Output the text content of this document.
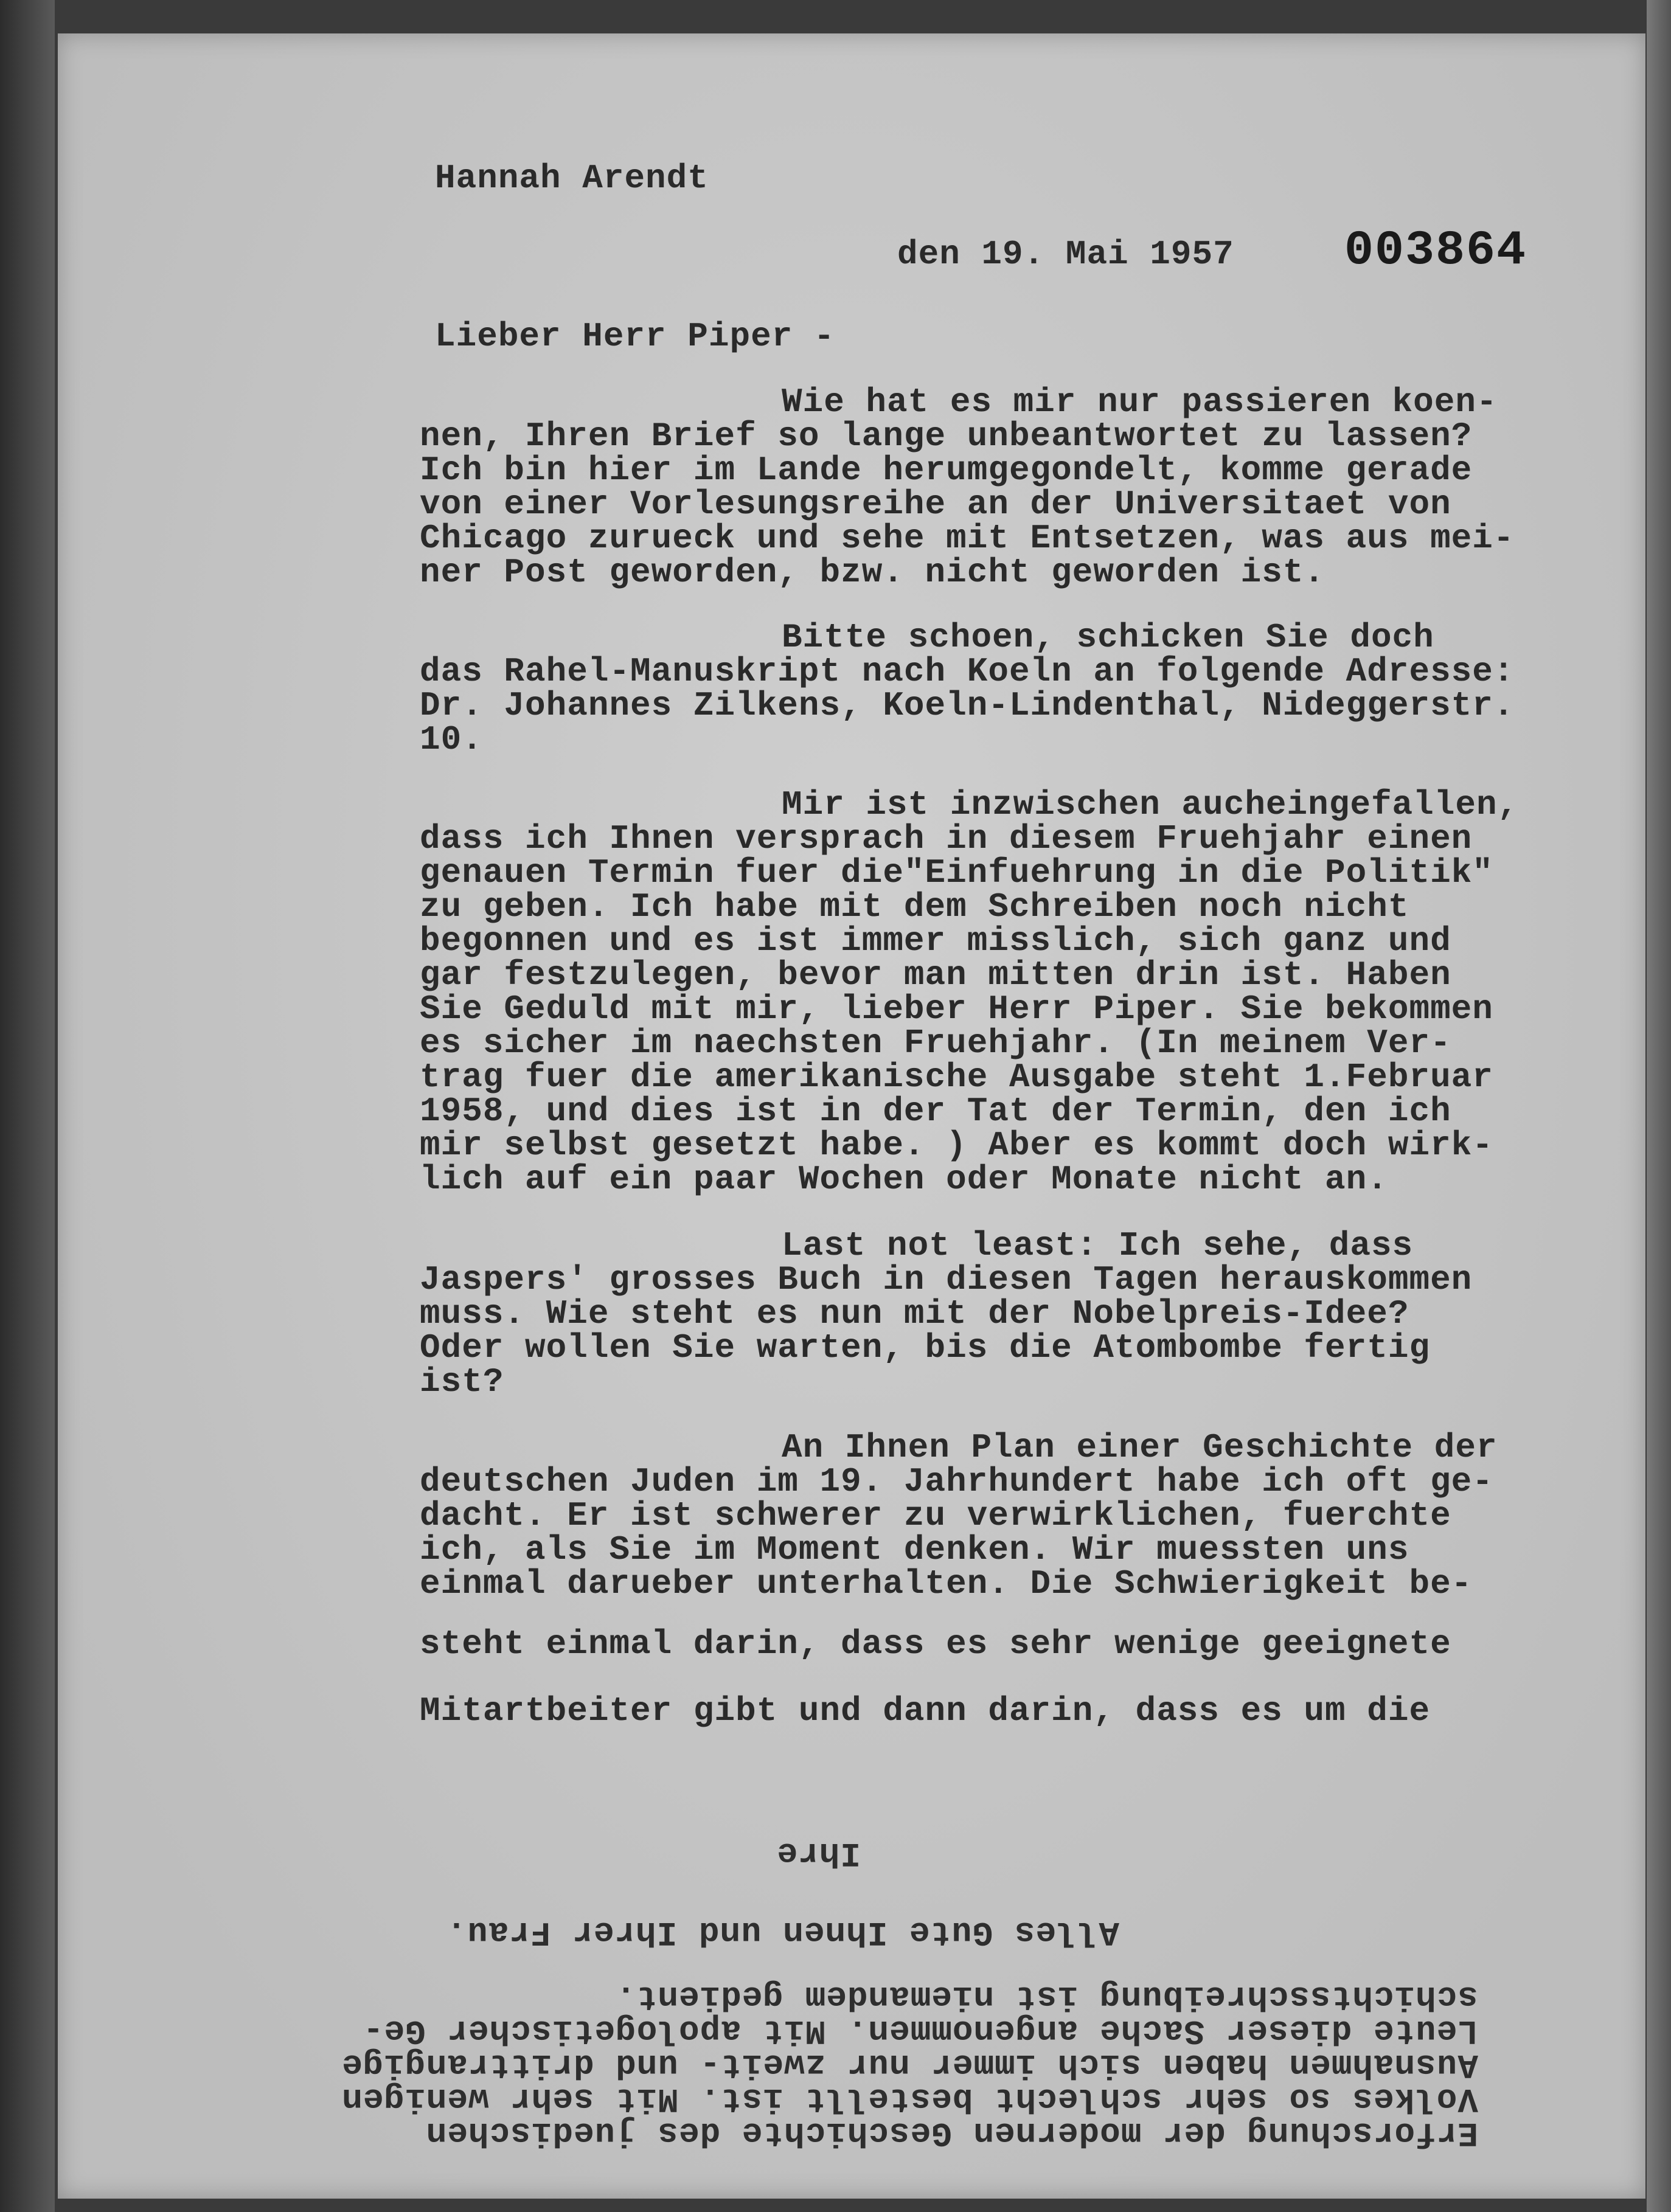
Hannah Arendt
den 19. Mai 1957 003864
Lieber Herr Piper -
Wie hat es mir nur passieren koen-
nen, Ihren Brief so lange unbeantwortet zu lassen?
Ich bin hier im Lande herumgegondelt, komme gerade
von einer Vorlesungsreihe an der Universitaet von
Chicago zurueck und sehe mit Entsetzen, was aus mei-
ner Post geworden, bzw. nicht geworden ist.
Bitte schoen, schicken Sie doch
das Rahel-Manuskript nach Koeln an folgende Adresse:
Dr. Johannes Zilkens, Koeln-Lindenthal, Nideggerstr.
10.
Mir ist inzwischen aucheingefallen,
dass ich Ihnen versprach in diesem Fruehjahr einen
genauen Termin fuer die"Einfuehrung in die Politik"
zu geben. Ich habe mit dem Schreiben noch nicht
begonnen und es ist immer misslich, sich ganz und
gar festzulegen, bevor man mitten drin ist. Haben
Sie Geduld mit mir, lieber Herr Piper. Sie bekommen
es sicher im naechsten Fruehjahr. (In meinem Ver-
trag fuer die amerikanische Ausgabe steht 1.Februar
1958, und dies ist in der Tat der Termin, den ich
mir selbst gesetzt habe. ) Aber es kommt doch wirk-
lich auf ein paar Wochen oder Monate nicht an.
Last not least: Ich sehe, dass
Jaspers' grosses Buch in diesen Tagen herauskommen
muss. Wie steht es nun mit der Nobelpreis-Idee?
Oder wollen Sie warten, bis die Atombombe fertig
ist?
An Ihnen Plan einer Geschichte der
deutschen Juden im 19. Jahrhundert habe ich oft ge-
dacht. Er ist schwerer zu verwirklichen, fuerchte
ich, als Sie im Moment denken. Wir muessten uns
einmal darueber unterhalten. Die Schwierigkeit be-
steht einmal darin, dass es sehr wenige geeignete
Mitartbeiter gibt und dann darin, dass es um die
Erforschung der modernen Geschichte des juedischen
Volkes so sehr schlecht bestellt ist. Mit sehr wenigen
Ausnahmen haben sich immer nur zweit- und drittrangige
Leute dieser Sache angenommen. Mit apologetischer Ge-
schichtsschreibung ist niemandem gedient.
Alles Gute Ihnen und Ihrer Frau.
Ihre
